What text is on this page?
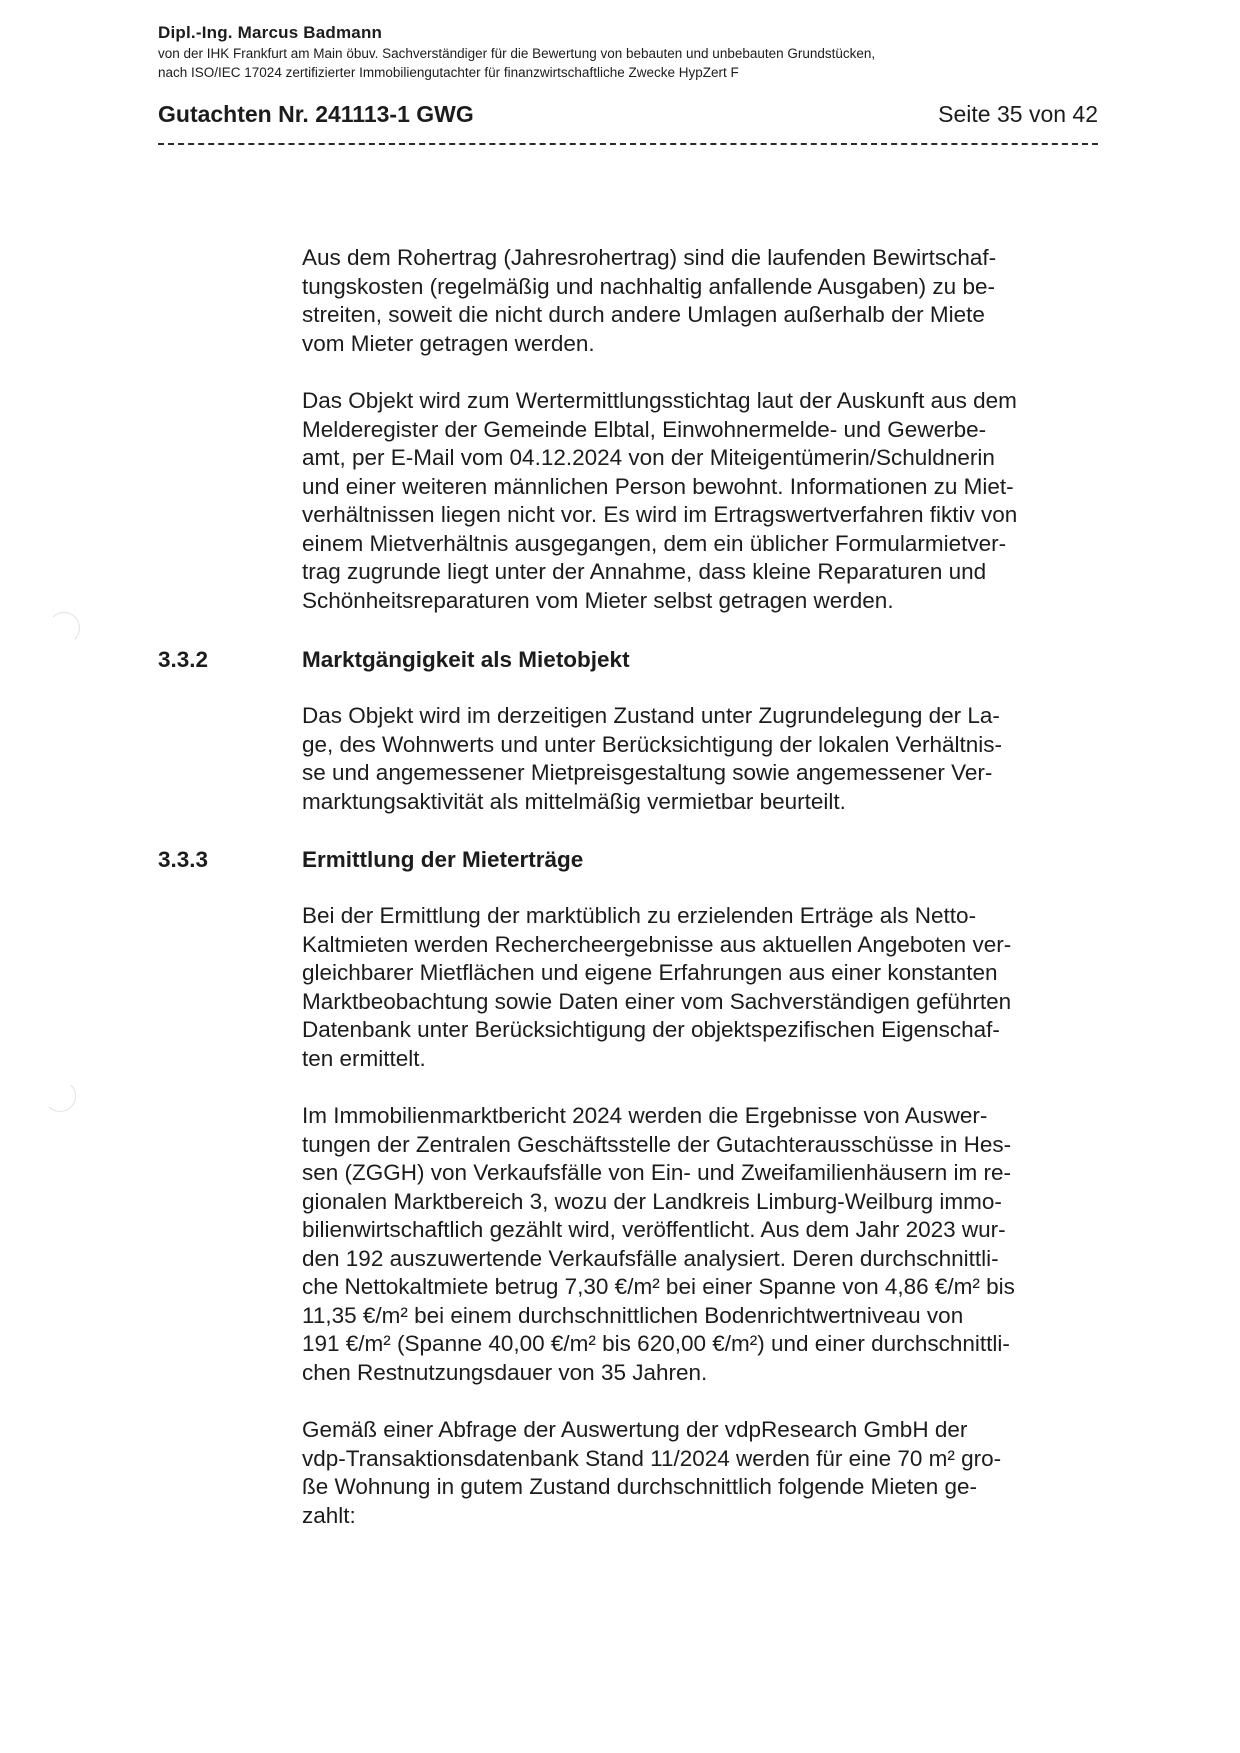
Dipl.-Ing. Marcus Badmann
von der IHK Frankfurt am Main öbuv. Sachverständiger für die Bewertung von bebauten und unbebauten Grundstücken,
nach ISO/IEC 17024 zertifizierter Immobiliengutachter für finanzwirtschaftliche Zwecke HypZert F
Gutachten Nr. 241113-1 GWG	Seite 35 von 42
Aus dem Rohertrag (Jahresrohertrag) sind die laufenden Bewirtschaf-
tungskosten (regelmäßig und nachhaltig anfallende Ausgaben) zu be-
streiten, soweit die nicht durch andere Umlagen außerhalb der Miete
vom Mieter getragen werden.
Das Objekt wird zum Wertermittlungsstichtag laut der Auskunft aus dem
Melderegister der Gemeinde Elbtal, Einwohnermelde- und Gewerbe-
amt, per E-Mail vom 04.12.2024 von der Miteigentümerin/Schuldnerin
und einer weiteren männlichen Person bewohnt. Informationen zu Miet-
verhältnissen liegen nicht vor. Es wird im Ertragswertverfahren fiktiv von
einem Mietverhältnis ausgegangen, dem ein üblicher Formularmietver-
trag zugrunde liegt unter der Annahme, dass kleine Reparaturen und
Schönheitsreparaturen vom Mieter selbst getragen werden.
3.3.2	Marktgängigkeit als Mietobjekt
Das Objekt wird im derzeitigen Zustand unter Zugrundelegung der La-
ge, des Wohnwerts und unter Berücksichtigung der lokalen Verhältnis-
se und angemessener Mietpreisgestaltung sowie angemessener Ver-
marktungsaktivität als mittelmäßig vermietbar beurteilt.
3.3.3	Ermittlung der Mieterträge
Bei der Ermittlung der marktüblich zu erzielenden Erträge als Netto-
Kaltmieten werden Rechercheergebnisse aus aktuellen Angeboten ver-
gleichbarer Mietflächen und eigene Erfahrungen aus einer konstanten
Marktbeobachtung sowie Daten einer vom Sachverständigen geführten
Datenbank unter Berücksichtigung der objektspezifischen Eigenschaf-
ten ermittelt.
Im Immobilienmarktbericht 2024 werden die Ergebnisse von Auswer-
tungen der Zentralen Geschäftsstelle der Gutachterausschüsse in Hes-
sen (ZGGH) von Verkaufsfälle von Ein- und Zweifamilienhäusern im re-
gionalen Marktbereich 3, wozu der Landkreis Limburg-Weilburg immo-
bilienwirtschaftlich gezählt wird, veröffentlicht. Aus dem Jahr 2023 wur-
den 192 auszuwertende Verkaufsfälle analysiert. Deren durchschnittli-
che Nettokaltmiete betrug 7,30 €/m² bei einer Spanne von 4,86 €/m² bis
11,35 €/m² bei einem durchschnittlichen Bodenrichtwertniveau von
191 €/m² (Spanne 40,00 €/m² bis 620,00 €/m²) und einer durchschnittli-
chen Restnutzungsdauer von 35 Jahren.
Gemäß einer Abfrage der Auswertung der vdpResearch GmbH der
vdp-Transaktionsdatenbank Stand 11/2024 werden für eine 70 m² gro-
ße Wohnung in gutem Zustand durchschnittlich folgende Mieten ge-
zahlt:
